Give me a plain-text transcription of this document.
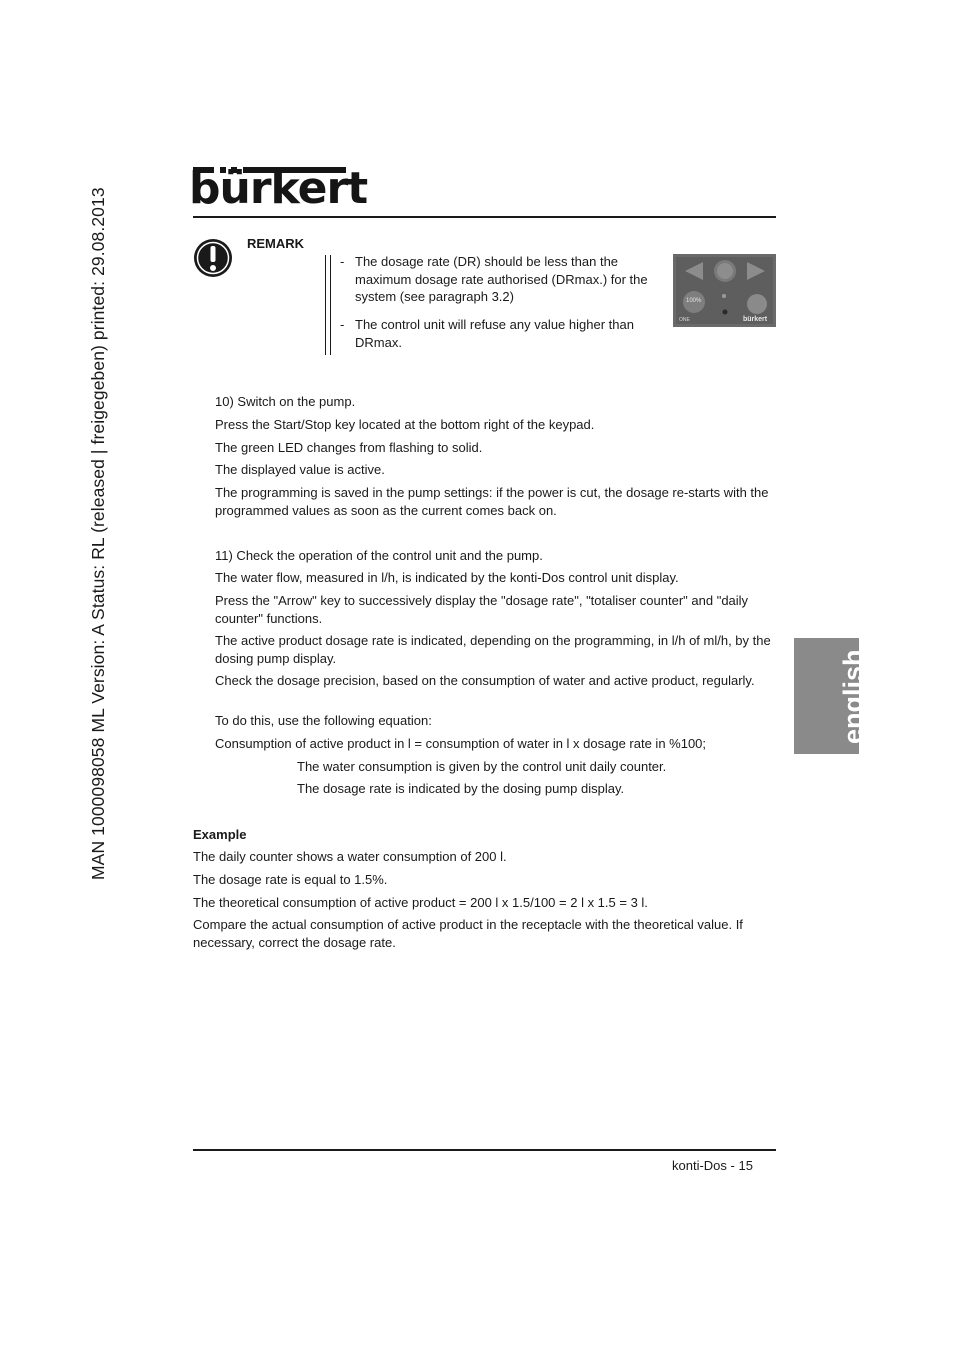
MAN 1000098058 ML Version: A Status: RL (released | freigegeben) printed: 29.08.2013 bürkert
REMARK
- The dosage rate (DR) should be less than the maximum dosage rate authorised (DRmax.) for the system (see paragraph 3.2)
- The control unit will refuse any value higher than DRmax.
100%
ONE	bürkert
10) Switch on the pump.
Press the Start/Stop key located at the bottom right of the keypad.
The green LED changes from flashing to solid.
The displayed value is active.
The programming is saved in the pump settings: if the power is cut, the dosage re-starts with the programmed values as soon as the current comes back on.
11) Check the operation of the control unit and the pump.
The water flow, measured in l/h, is indicated by the konti-Dos control unit display.
Press the "Arrow" key to successively display the "dosage rate", "totaliser counter" and "daily counter" functions.
The active product dosage rate is indicated, depending on the programming, in l/h of ml/h, by the dosing pump display.
Check the dosage precision, based on the consumption of water and active product, regularly.
To do this, use the following equation:
Consumption of active product in l = consumption of water in l x dosage rate in %100;
The water consumption is given by the control unit daily counter.
The dosage rate is indicated by the dosing pump display.
Example
The daily counter shows a water consumption of 200 l.
The dosage rate is equal to 1.5%.
The theoretical consumption of active product = 200 l x 1.5/100 = 2 l x 1.5 = 3 l.
Compare the actual consumption of active product in the receptacle with the theoretical value. If necessary, correct the dosage rate.
english
konti-Dos - 15
